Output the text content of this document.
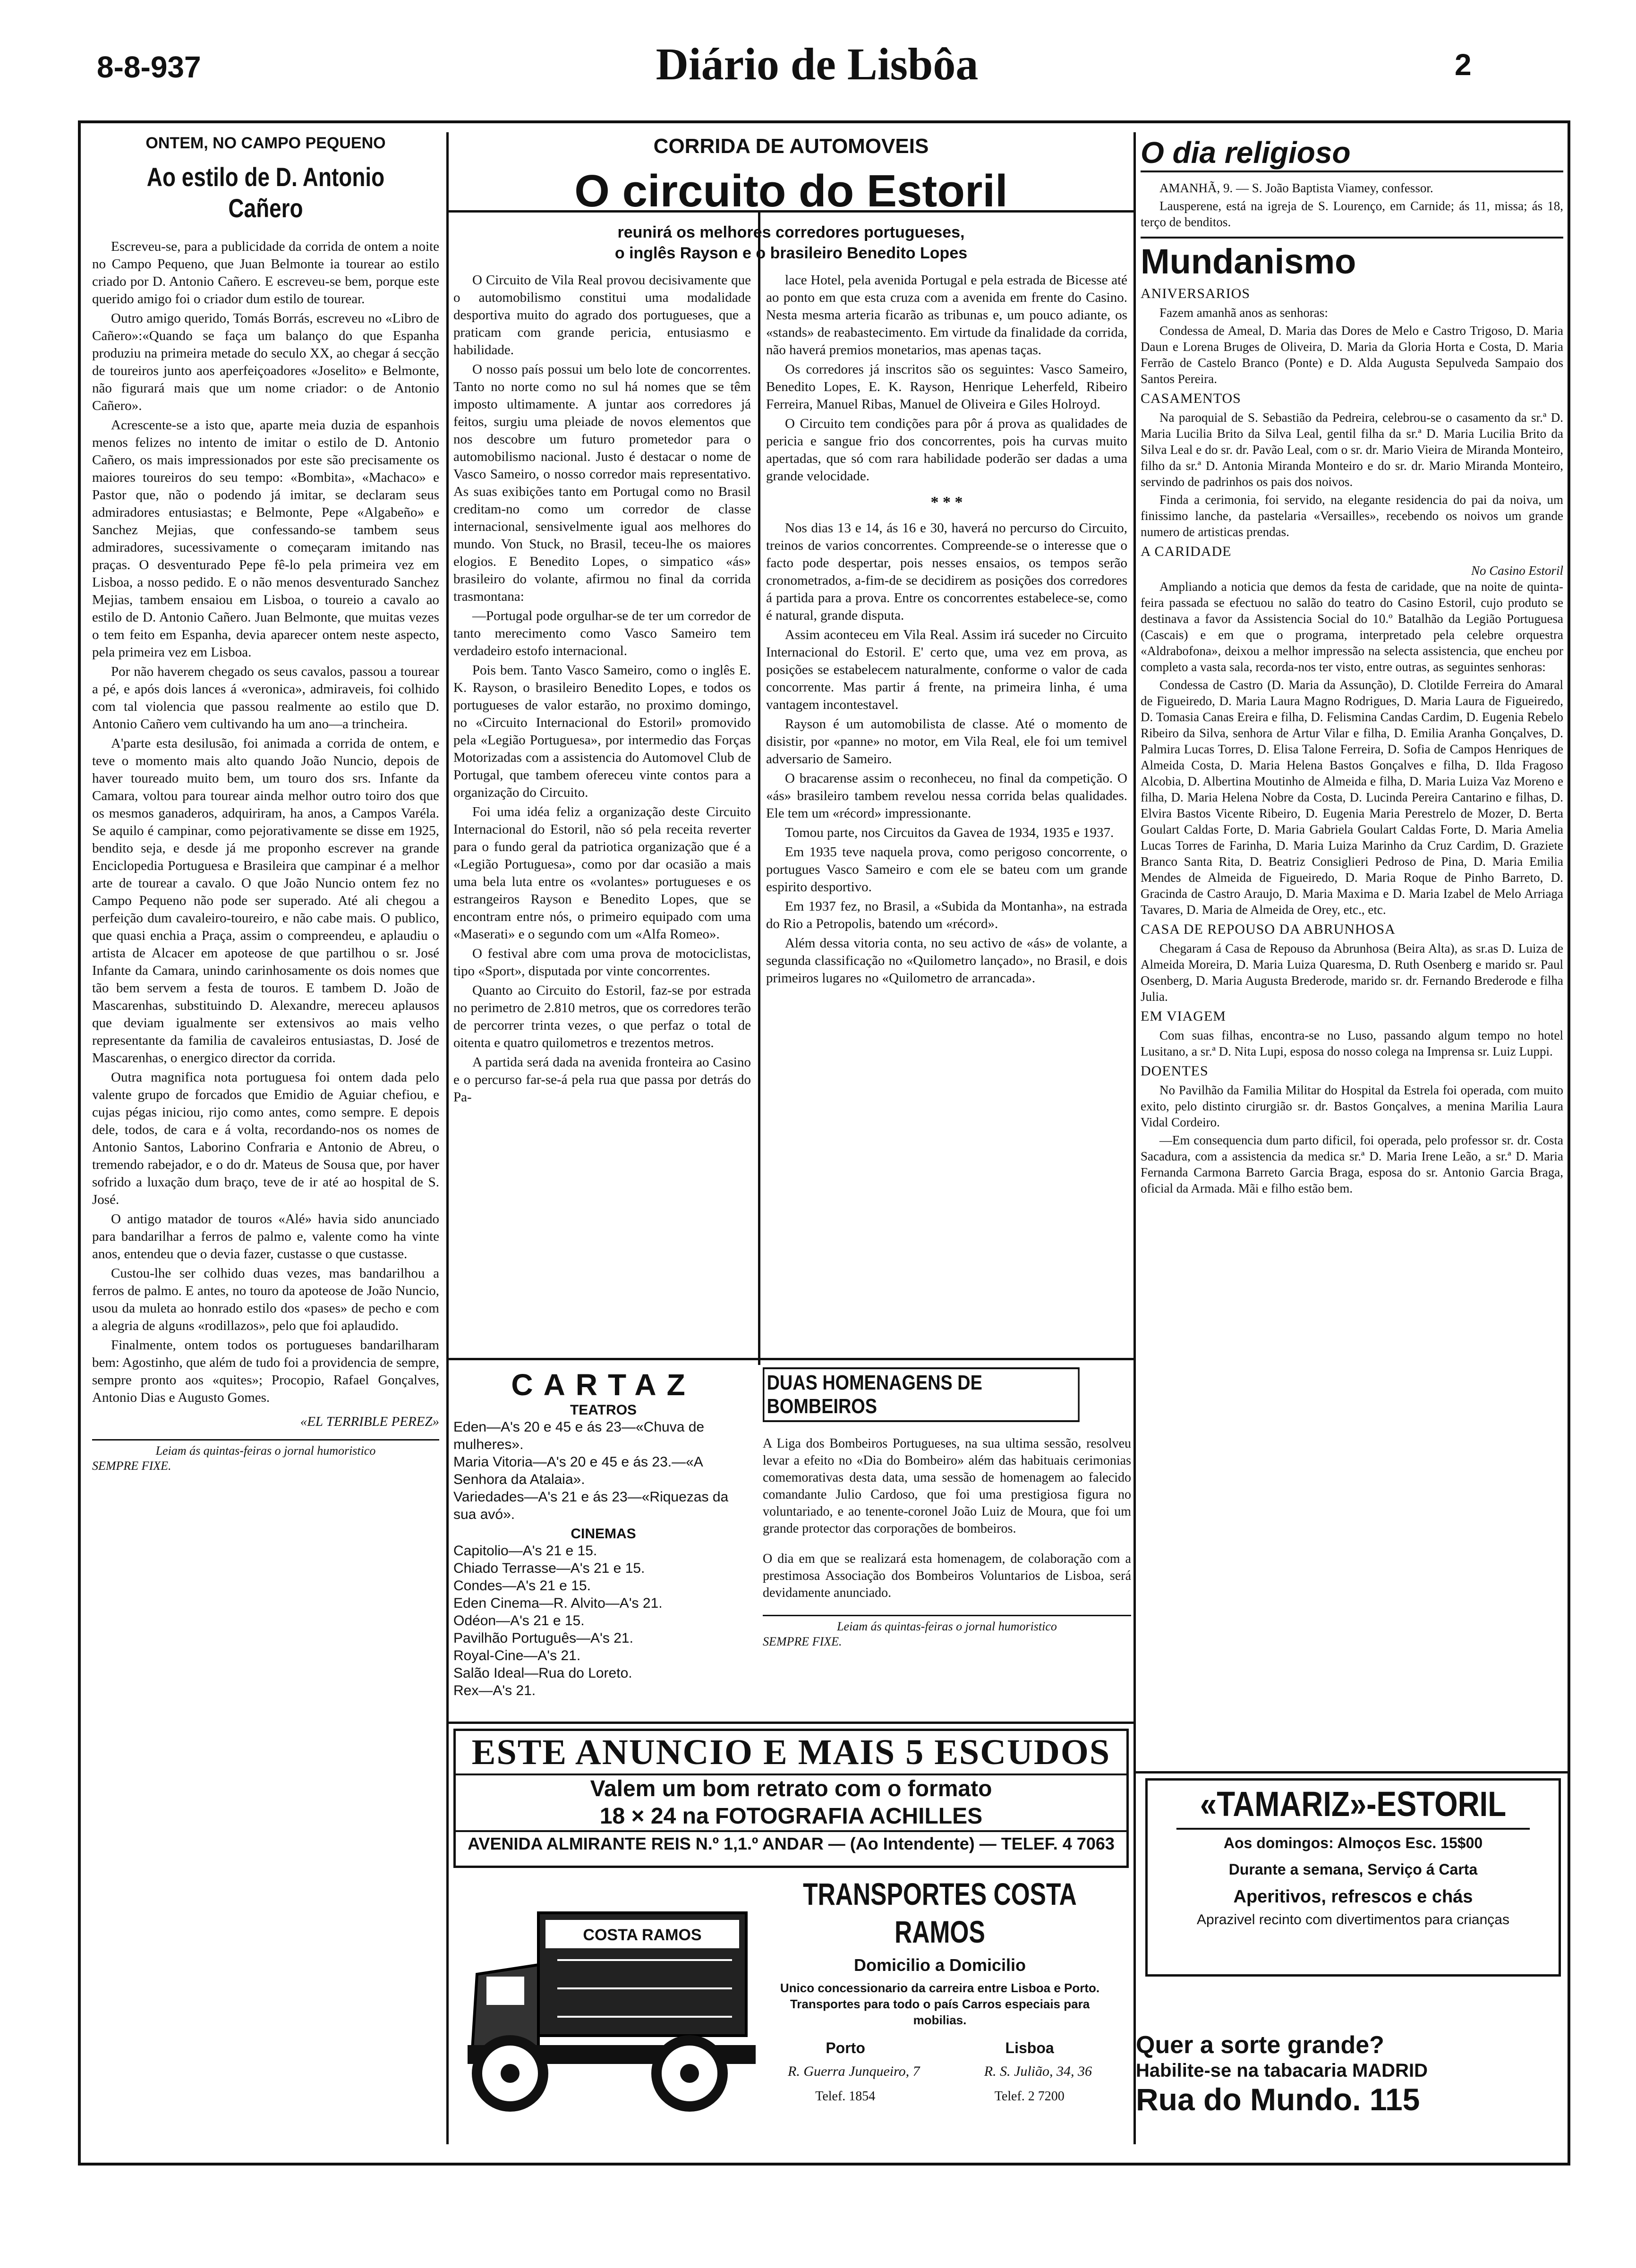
8-8-937	Diário de Lisbôa	2
ONTEM, NO CAMPO PEQUENO
Ao estilo de D. Antonio Cañero

Escreveu-se, para a publicidade da corrida de ontem a noite no Campo Pequeno, que Juan Belmonte ia tourear ao estilo criado por D. Antonio Cañero. E escreveu-se bem, porque este querido amigo foi o criador dum estilo de tourear.

Outro amigo querido, Tomás Borrás, escreveu no «Libro de Cañero»:«Quando se faça um balanço do que Espanha produziu na primeira metade do seculo XX, ao chegar á secção de toureiros junto aos aperfeiçoadores «Joselito» e Belmonte, não figurará mais que um nome criador: o de Antonio Cañero».

Acrescente-se a isto que, aparte meia duzia de espanhois menos felizes no intento de imitar o estilo de D. Antonio Cañero, os mais impressionados por este são precisamente os maiores toureiros do seu tempo: «Bombita», «Machaco» e Pastor que, não o podendo já imitar, se declaram seus admiradores entusiastas; e Belmonte, Pepe «Algabeño» e Sanchez Mejias, que confessando-se tambem seus admiradores, sucessivamente o começaram imitando nas praças. O desventurado Pepe fê-lo pela primeira vez em Lisboa, a nosso pedido. E o não menos desventurado Sanchez Mejias, tambem ensaiou em Lisboa, o toureio a cavalo ao estilo de D. Antonio Cañero. Juan Belmonte, que muitas vezes o tem feito em Espanha, devia aparecer ontem neste aspecto, pela primeira vez em Lisboa.

Por não haverem chegado os seus cavalos, passou a tourear a pé, e após dois lances á «veronica», admiraveis, foi colhido com tal violencia que passou realmente ao estilo que D. Antonio Cañero vem cultivando ha um ano—a trincheira.

A'parte esta desilusão, foi animada a corrida de ontem, e teve o momento mais alto quando João Nuncio, depois de haver toureado muito bem, um touro dos srs. Infante da Camara, voltou para tourear ainda melhor outro toiro dos que os mesmos ganaderos, adquiriram, ha anos, a Campos Varéla. Se aquilo é campinar, como pejorativamente se disse em 1925, bendito seja, e desde já me proponho escrever na grande Enciclopedia Portuguesa e Brasileira que campinar é a melhor arte de tourear a cavalo. O que João Nuncio ontem fez no Campo Pequeno não pode ser superado. Até ali chegou a perfeição dum cavaleiro-toureiro, e não cabe mais. O publico, que quasi enchia a Praça, assim o compreendeu, e aplaudiu o artista de Alcacer em apoteose de que partilhou o sr. José Infante da Camara, unindo carinhosamente os dois nomes que tão bem servem a festa de touros. E tambem D. João de Mascarenhas, substituindo D. Alexandre, mereceu aplausos que deviam igualmente ser extensivos ao mais velho representante da familia de cavaleiros entusiastas, D. José de Mascarenhas, o energico director da corrida.

Outra magnifica nota portuguesa foi ontem dada pelo valente grupo de forcados que Emidio de Aguiar chefiou, e cujas pégas iniciou, rijo como antes, como sempre. E depois dele, todos, de cara e á volta, recordando-nos os nomes de Antonio Santos, Laborino Confraria e Antonio de Abreu, o tremendo rabejador, e o do dr. Mateus de Sousa que, por haver sofrido a luxação dum braço, teve de ir até ao hospital de S. José.

O antigo matador de touros «Alé» havia sido anunciado para bandarilhar a ferros de palmo e, valente como ha vinte anos, entendeu que o devia fazer, custasse o que custasse.

Custou-lhe ser colhido duas vezes, mas bandarilhou a ferros de palmo. E antes, no touro da apoteose de João Nuncio, usou da muleta ao honrado estilo dos «pases» de pecho e com a alegria de alguns «rodillazos», pelo que foi aplaudido.

Finalmente, ontem todos os portugueses bandarilharam bem: Agostinho, que além de tudo foi a providencia de sempre, sempre pronto aos «quites»; Procopio, Rafael Gonçalves, Antonio Dias e Augusto Gomes.

«EL TERRIBLE PEREZ»
Leiam ás quintas-feiras o jornal humoristico
SEMPRE FIXE.
CORRIDA DE AUTOMOVEIS
O circuito do Estoril
reunirá os melhores corredores portugueses,
o inglês Rayson e o brasileiro Benedito Lopes

O Circuito de Vila Real provou decisivamente que o automobilismo constitui uma modalidade desportiva muito do agrado dos portugueses, que a praticam com grande pericia, entusiasmo e habilidade.

O nosso país possui um belo lote de concorrentes. Tanto no norte como no sul há nomes que se têm imposto ultimamente. A juntar aos corredores já feitos, surgiu uma pleiade de novos elementos que nos descobre um futuro prometedor para o automobilismo nacional. Justo é destacar o nome de Vasco Sameiro, o nosso corredor mais representativo. As suas exibições tanto em Portugal como no Brasil creditam-no como um corredor de classe internacional, sensivelmente igual aos melhores do mundo. Von Stuck, no Brasil, teceu-lhe os maiores elogios. E Benedito Lopes, o simpatico «ás» brasileiro do volante, afirmou no final da corrida trasmontana:

—Portugal pode orgulhar-se de ter um corredor de tanto merecimento como Vasco Sameiro tem verdadeiro estofo internacional.

Pois bem. Tanto Vasco Sameiro, como o inglês E. K. Rayson, o brasileiro Benedito Lopes, e todos os portugueses de valor estarão, no proximo domingo, no «Circuito Internacional do Estoril» promovido pela «Legião Portuguesa», por intermedio das Forças Motorizadas com a assistencia do Automovel Club de Portugal, que tambem ofereceu vinte contos para a organização do Circuito.

Foi uma idéa feliz a organização deste Circuito Internacional do Estoril, não só pela receita reverter para o fundo geral da patriotica organização que é a «Legião Portuguesa», como por dar ocasião a mais uma bela luta entre os «volantes» portugueses e os estrangeiros Rayson e Benedito Lopes, que se encontram entre nós, o primeiro equipado com uma «Maserati» e o segundo com um «Alfa Romeo».

O festival abre com uma prova de motociclistas, tipo «Sport», disputada por vinte concorrentes.

Quanto ao Circuito do Estoril, faz-se por estrada no perimetro de 2.810 metros, que os corredores terão de percorrer trinta vezes, o que perfaz o total de oitenta e quatro quilometros e trezentos metros.

A partida será dada na avenida fronteira ao Casino e o percurso far-se-á pela rua que passa por detrás do Pa-

lace Hotel, pela avenida Portugal e pela estrada de Bicesse até ao ponto em que esta cruza com a avenida em frente do Casino. Nesta mesma arteria ficarão as tribunas e, um pouco adiante, os «stands» de reabastecimento. Em virtude da finalidade da corrida, não haverá premios monetarios, mas apenas taças.

Os corredores já inscritos são os seguintes: Vasco Sameiro, Benedito Lopes, E. K. Rayson, Henrique Leherfeld, Ribeiro Ferreira, Manuel Ribas, Manuel de Oliveira e Giles Holroyd.

O Circuito tem condições para pôr á prova as qualidades de pericia e sangue frio dos concorrentes, pois ha curvas muito apertadas, que só com rara habilidade poderão ser dadas a uma grande velocidade.

* * *

Nos dias 13 e 14, ás 16 e 30, haverá no percurso do Circuito, treinos de varios concorrentes. Compreende-se o interesse que o facto pode despertar, pois nesses ensaios, os tempos serão cronometrados, a-fim-de se decidirem as posições dos corredores á partida para a prova. Entre os concorrentes estabelece-se, como é natural, grande disputa.

Assim aconteceu em Vila Real. Assim irá suceder no Circuito Internacional do Estoril. E' certo que, uma vez em prova, as posições se estabelecem naturalmente, conforme o valor de cada concorrente. Mas partir á frente, na primeira linha, é uma vantagem incontestavel.

Rayson é um automobilista de classe. Até o momento de disistir, por «panne» no motor, em Vila Real, ele foi um temivel adversario de Sameiro.

O bracarense assim o reconheceu, no final da competição. O «ás» brasileiro tambem revelou nessa corrida belas qualidades. Ele tem um «récord» impressionante.

Tomou parte, nos Circuitos da Gavea de 1934, 1935 e 1937.

Em 1935 teve naquela prova, como perigoso concorrente, o portugues Vasco Sameiro e com ele se bateu com um grande espirito desportivo.

Em 1937 fez, no Brasil, a «Subida da Montanha», na estrada do Rio a Petropolis, batendo um «récord».

Além dessa vitoria conta, no seu activo de «ás» de volante, a segunda classificação no «Quilometro lançado», no Brasil, e dois primeiros lugares no «Quilometro de arrancada».

CARTAZ
TEATROS
Eden—A's 20 e 45 e ás 23—«Chuva de mulheres».
Maria Vitoria—A's 20 e 45 e ás 23.—«A Senhora da Atalaia».
Variedades—A's 21 e ás 23—«Riquezas da sua avó».
CINEMAS
Capitolio—A's 21 e 15.
Chiado Terrasse—A's 21 e 15.
Condes—A's 21 e 15.
Eden Cinema—R. Alvito—A's 21.
Odéon—A's 21 e 15.
Pavilhão Português—A's 21.
Royal-Cine—A's 21.
Salão Ideal—Rua do Loreto.
Rex—A's 21.
DUAS HOMENAGENS DE BOMBEIROS

A Liga dos Bombeiros Portugueses, na sua ultima sessão, resolveu levar a efeito no «Dia do Bombeiro» além das habituais cerimonias comemorativas desta data, uma sessão de homenagem ao falecido comandante Julio Cardoso, que foi uma prestigiosa figura no voluntariado, e ao tenente-coronel João Luiz de Moura, que foi um grande protector das corporações de bombeiros.

O dia em que se realizará esta homenagem, de colaboração com a prestimosa Associação dos Bombeiros Voluntarios de Lisboa, será devidamente anunciado.

Leiam ás quintas-feiras o jornal humoristico
SEMPRE FIXE.
ESTE ANUNCIO E MAIS 5 ESCUDOS
Valem um bom retrato com o formato
18 × 24 na FOTOGRAFIA ACHILLES
AVENIDA ALMIRANTE REIS N.º 1,1.º ANDAR — (Ao Intendente) — TELEF. 4 7063
COSTA RAMOS
TRANSPORTES COSTA RAMOS
Domicilio a Domicilio
Unico concessionario da carreira entre Lisboa e Porto. Transportes para todo o país Carros especiais para mobilias.
Porto	Lisboa
R. Guerra Junqueiro, 7	R. S. Julião, 34, 36
Telef. 1854	Telef. 2 7200
O dia religioso

AMANHÃ, 9. — S. João Baptista Viamey, confessor.

Lausperene, está na igreja de S. Lourenço, em Carnide; ás 11, missa; ás 18, terço de benditos.

Mundanismo
ANIVERSARIOS

Fazem amanhã anos as senhoras:

Condessa de Ameal, D. Maria das Dores de Melo e Castro Trigoso, D. Maria Daun e Lorena Bruges de Oliveira, D. Maria da Gloria Horta e Costa, D. Maria Ferrão de Castelo Branco (Ponte) e D. Alda Augusta Sepulveda Sampaio dos Santos Pereira.

CASAMENTOS

Na paroquial de S. Sebastião da Pedreira, celebrou-se o casamento da sr.ª D. Maria Lucilia Brito da Silva Leal, gentil filha da sr.ª D. Maria Lucilia Brito da Silva Leal e do sr. dr. Pavão Leal, com o sr. dr. Mario Vieira de Miranda Monteiro, filho da sr.ª D. Antonia Miranda Monteiro e do sr. dr. Mario Miranda Monteiro, servindo de padrinhos os pais dos noivos.

Finda a cerimonia, foi servido, na elegante residencia do pai da noiva, um finissimo lanche, da pastelaria «Versailles», recebendo os noivos um grande numero de artisticas prendas.

A CARIDADE
No Casino Estoril

Ampliando a noticia que demos da festa de caridade, que na noite de quinta-feira passada se efectuou no salão do teatro do Casino Estoril, cujo produto se destinava a favor da Assistencia Social do 10.º Batalhão da Legião Portuguesa (Cascais) e em que o programa, interpretado pela celebre orquestra «Aldrabofona», deixou a melhor impressão na selecta assistencia, que encheu por completo a vasta sala, recorda-nos ter visto, entre outras, as seguintes senhoras:

Condessa de Castro (D. Maria da Assunção), D. Clotilde Ferreira do Amaral de Figueiredo, D. Maria Laura Magno Rodrigues, D. Maria Laura de Figueiredo, D. Tomasia Canas Ereira e filha, D. Felismina Candas Cardim, D. Eugenia Rebelo Ribeiro da Silva, senhora de Artur Vilar e filha, D. Emilia Aranha Gonçalves, D. Palmira Lucas Torres, D. Elisa Talone Ferreira, D. Sofia de Campos Henriques de Almeida Costa, D. Maria Helena Bastos Gonçalves e filha, D. Ilda Fragoso Alcobia, D. Albertina Moutinho de Almeida e filha, D. Maria Luiza Vaz Moreno e filha, D. Maria Helena Nobre da Costa, D. Lucinda Pereira Cantarino e filhas, D. Elvira Bastos Vicente Ribeiro, D. Eugenia Maria Perestrelo de Mozer, D. Berta Goulart Caldas Forte, D. Maria Gabriela Goulart Caldas Forte, D. Maria Amelia Lucas Torres de Farinha, D. Maria Luiza Marinho da Cruz Cardim, D. Graziete Branco Santa Rita, D. Beatriz Consiglieri Pedroso de Pina, D. Maria Emilia Mendes de Almeida de Figueiredo, D. Maria Roque de Pinho Barreto, D. Gracinda de Castro Araujo, D. Maria Maxima e D. Maria Izabel de Melo Arriaga Tavares, D. Maria de Almeida de Orey, etc., etc.

CASA DE REPOUSO DA ABRUNHOSA

Chegaram á Casa de Repouso da Abrunhosa (Beira Alta), as sr.as D. Luiza de Almeida Moreira, D. Maria Luiza Quaresma, D. Ruth Osenberg e marido sr. Paul Osenberg, D. Maria Augusta Brederode, marido sr. dr. Fernando Brederode e filha Julia.

EM VIAGEM

Com suas filhas, encontra-se no Luso, passando algum tempo no hotel Lusitano, a sr.ª D. Nita Lupi, esposa do nosso colega na Imprensa sr. Luiz Luppi.

DOENTES

No Pavilhão da Familia Militar do Hospital da Estrela foi operada, com muito exito, pelo distinto cirurgião sr. dr. Bastos Gonçalves, a menina Marilia Laura Vidal Cordeiro.

—Em consequencia dum parto dificil, foi operada, pelo professor sr. dr. Costa Sacadura, com a assistencia da medica sr.ª D. Maria Irene Leão, a sr.ª D. Maria Fernanda Carmona Barreto Garcia Braga, esposa do sr. Antonio Garcia Braga, oficial da Armada. Mãi e filho estão bem.

«TAMARIZ»-ESTORIL
Aos domingos: Almoços Esc. 15$00
Durante a semana, Serviço á Carta
Aperitivos, refrescos e chás
Aprazivel recinto com divertimentos para crianças
Quer a sorte grande?
Habilite-se na tabacaria MADRID
Rua do Mundo. 115
